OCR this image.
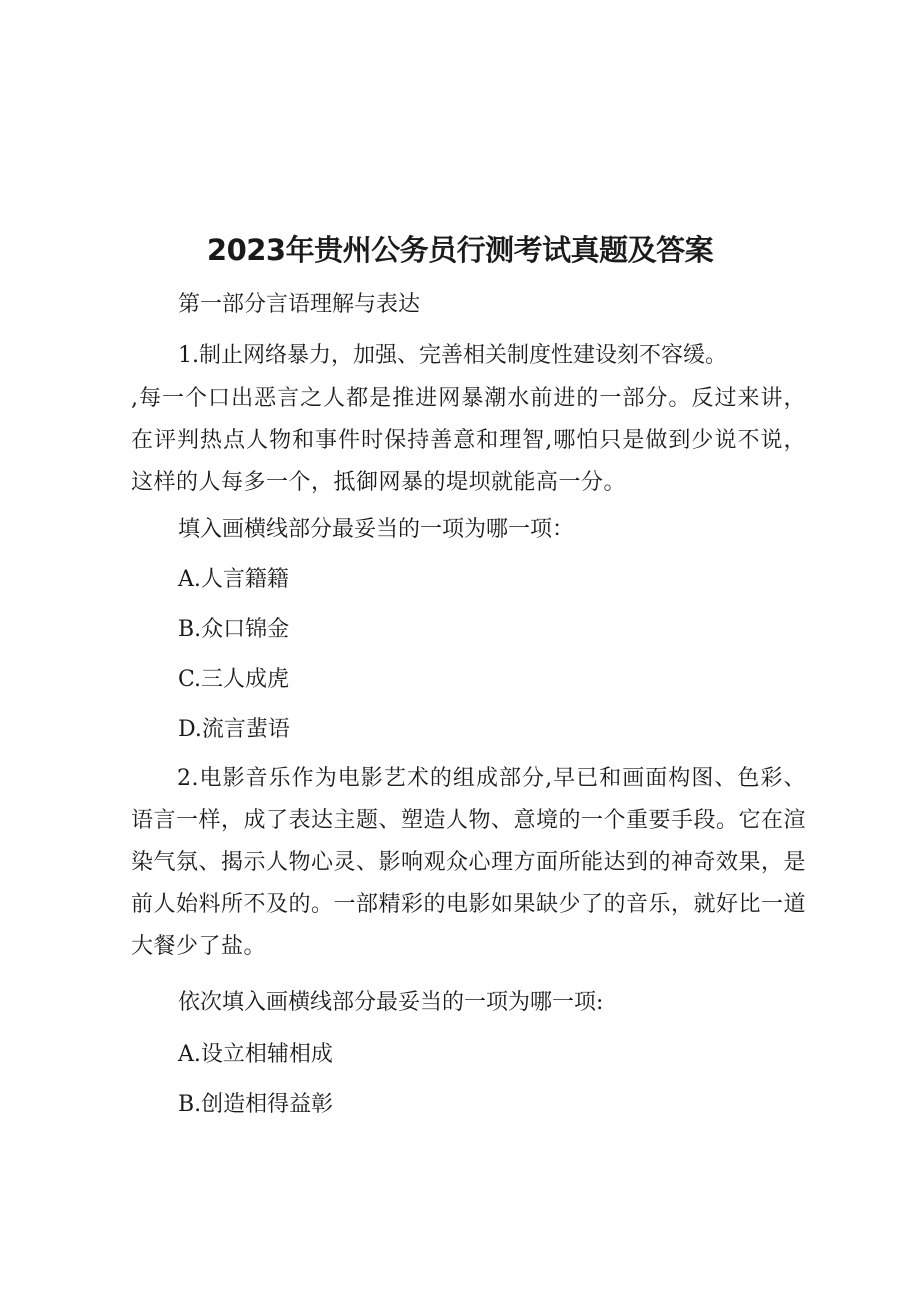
2023年贵州公务员行测考试真题及答案
第一部分言语理解与表达
1.制止网络暴力，加强、完善相关制度性建设刻不容缓。
,每一个口出恶言之人都是推进网暴潮水前进的一部分。反过来讲，在评判热点人物和事件时保持善意和理智,哪怕只是做到少说不说，这样的人每多一个，抵御网暴的堤坝就能高一分。
填入画横线部分最妥当的一项为哪一项：
A.人言籍籍
B.众口锦金
C.三人成虎
D.流言蜚语
2.电影音乐作为电影艺术的组成部分,早已和画面构图、色彩、语言一样，成了表达主题、塑造人物、意境的一个重要手段。它在渲染气氛、揭示人物心灵、影响观众心理方面所能达到的神奇效果，是前人始料所不及的。一部精彩的电影如果缺少了的音乐，就好比一道大餐少了盐。
依次填入画横线部分最妥当的一项为哪一项:
A.设立相辅相成
B.创造相得益彰
